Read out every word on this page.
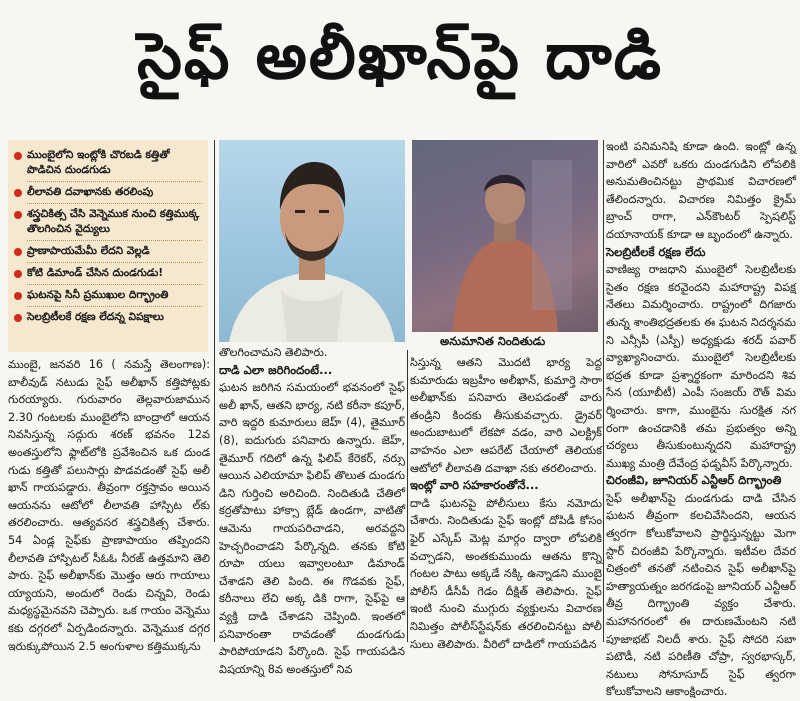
సైఫ్ అలీఖాన్‌పై దాడి
ముంబైలోని ఇంట్లోకి చొరబడి కత్తితో పొడిచిన దుండగుడు
లీలావతి దవాఖానకు తరలింపు
శస్త్రచికిత్స చేసి వెన్నెముక నుంచి కత్తిముక్క తొలగించిన వైద్యులు
ప్రాణాపాయమేమీ లేదని వెల్లడి
కోటి డిమాండ్‌ చేసిన దుండగుడు!
ఘటనపై సినీ ప్రముఖుల దిగ్భ్రాంతి
సెలబ్రిటీలకే రక్షణ లేదన్న విపక్షాలు

ముంబై, జనవరి 16 ( నమస్తే తెలంగాణ): బాలీవుడ్‌ నటుడు సైఫ్‌ అలీఖాన్‌ కత్తిపోట్లకు గురయ్యారు. గురువారం తెల్లవారుజామున 2.30 గంటలకు ముంబైలోని బాంద్రాలో ఆయన నివసిస్తున్న సద్గురు శరణ్‌ భవనం 12వ అంతస్తులోని ఫ్లాట్‌లోకి ప్రవేశించిన ఒక దుండ గుడు కత్తితో పలుసార్లు పొడవడంతో సైఫ్‌ అలీ ఖాన్‌ గాయపడ్డారు. తీవ్రంగా రక్తస్రావం అయిన ఆయనను ఆటోలో లీలావతి హాస్పిట ల్‌కు తరలించారు. ఆత్యవసర శస్త్రచికిత్స చేశారు. 54 ఏండ్ల సైఫ్‌కు ప్రాణాపాయం తప్పిందని లీలావతి హాస్పిటల్‌ సీఓఓ నీరజ్‌ ఉత్తమాని తెలి పారు. సైఫ్‌ అలీఖాన్‌కు మొత్తం ఆరు గాయాలు య్యాయని, అందులో రెండు చిన్నవి, రెండు మధ్యస్థమైనవని చెప్పారు. ఒక గాయం వెన్నెము కకు దగ్గరలో ఏర్పడిందన్నారు. వెన్నెముక దగ్గర ఇరుక్కుపోయిన 2.5 అంగుళాల కత్తిముక్కను

తొలగించామని తెలిపారు.

దాడి ఎలా జరిగిందంటే...

ఘటన జరిగిన సమయంలో భవనంలో సైఫ్‌ అలీ ఖాన్‌, ఆతని భార్య, నటి కరీనా కపూర్‌, వారి ఇద్దరి కుమారులు జెహ్‌ (4), తైమూర్‌ (8), ఐదుగురు పనివారు ఉన్నారు. జెహ్‌, తైమూర్‌ గదిలో ఉన్న ఫిలిప్‌ కేరెకర్‌, నర్సు ఆయిన ఎలియామా ఫిలిప్‌ తొలుత దుండగు డిని గుర్తించి అరిచింది. నిందితుడి చేతిలో కర్రతోపాటు హాక్సా బ్లేడ్‌ ఉండగా, వాటితో ఆమెను గాయపరిచాడని, అరవద్దని హెచ్చరించాడని పేర్కొన్నది. తనకు కోటి రూపా యలు ఇవ్వాలంటూ డిమాండ్‌ చేశాడని తెలి పింది. ఈ గొడవకు సైఫ్‌, కరీనాలు లేచి అక్క డికి రాగా, సైఫ్‌పై ఆ వ్యక్తి దాడి చేశాడని చెప్పింది. ఇంతలో పనివారంతా రావడంతో దుండగుడు పారిపోయాడని పేర్కొంది. సైఫ్‌ గాయపడిన విషయాన్ని 8వ అంతస్తులో నివ

అనుమానిత నిందితుడు

సిస్తున్న ఆతని మొదటి భార్య పెద్ద కుమారుడు ఇబ్రహీం అలీఖాన్‌, కుమార్తె సారా అలీఖాన్‌కు పనివారు తెలపడంతో వారు తండ్రిని కిందకు తీసుకువచ్చారు. డ్రైవర్‌ అందుబాటులో లేకపో వడం, వారి ఎలక్ట్రిక్‌ వాహనం ఎలా ఆపరేట్‌ చేయాలో తెలియక ఆటోలో లీలావతి దవాఖా నకు తరలించారు.

ఇంట్లో వారి సహకారంతోనే...

దాడి ఘటనపై పోలీసులు కేసు నమోదు చేశారు. నిందితుడు సైఫ్‌ ఇంట్లో దోపిడీ కోసం ఫైర్‌ ఎస్కేప్‌ మెట్ల మార్గం ద్వారా లోపలికి వచ్చాడని, అంతకుముందు ఆతను కొన్ని గంటల పాటు అక్కడే నక్కి ఉన్నాడని ముంబై పోలీస్‌ డీసీపీ గెడం దీక్షిత్‌ తెలిపారు. సైఫ్‌ ఇంటి నుంచి ముగ్గురు వ్యక్తులను విచారణ నిమిత్తం పోలీస్‌స్టేషన్‌కు తరలించినట్టు పోలీ సులు తెలిపారు. వీరిలో దాడిలో గాయపడిన

ఇంటి పనిమనిషి కూడా ఉంది. ఇంట్లో ఉన్న వారిలో ఎవరో ఒకరు దుండగుడిని లోపలికి అనుమతించినట్టు ప్రాథమిక విచారణలో తేలిందన్నారు. విచారణ నిమిత్తం క్రైమ్‌ బ్రాంచ్‌ రాగా, ఎన్‌కౌంటర్‌ స్పెషలిస్ట్‌ దయానాయక్‌ కూడా ఆ బృందంలో ఉన్నారు.

సెలబ్రిటీలకే రక్షణ లేదు

వాణిజ్య రాజధాని ముంబైలో సెలబ్రిటీలకు సైతం రక్షణ కరవైందని మహారాష్ట్ర విపక్ష నేతలు విమర్శించారు. రాష్ట్రంలో దిగజారు తున్న శాంతిభద్రతలకు ఈ ఘటన నిదర్శనమ ని ఎన్సీపీ (ఎస్పీ) అధ్యక్షుడు శరద్‌ పవార్‌ వ్యాఖ్యానించారు. ముంబైలో సెలబ్రిటీలకు భద్రత కూడా ప్రశ్నార్థకంగా మారిందని శివ సేన (యూబీటీ) ఎంపీ సంజయ్‌ రౌత్‌ విమ ర్శించారు. కాగా, ముంబైను సురక్షిత నగ రంగా ఉంచడానికి తమ ప్రభుత్వం అన్ని చర్యలు తీసుకుంటున్నదని మహారాష్ట్ర ముఖ్య మంత్రి దేవేంద్ర ఫడ్నవీస్‌ పేర్కొన్నారు.

చిరంజీవి, జూనియర్‌ ఎన్టీఆర్‌ దిగ్భ్రాంతి

సైఫ్‌ అలీఖాన్‌పై దుండగుడు దాడి చేసిన ఘటన తీవ్రంగా కలచివేసిందని, ఆయన త్వరగా కోలుకోవాలని ప్రార్థిస్తున్నట్టు మెగా స్టార్‌ చిరంజీవి పేర్కొన్నారు. ఇటీవల దేవర చిత్రంలో తనతో నటించిన సైఫ్‌ అలీఖాన్‌పై హత్యాయత్నం జరగడంపై జూనియర్‌ ఎన్టీఆర్‌ తీవ్ర దిగ్భ్రాంతి వ్యక్తం చేశారు. మహానగరంలో ఈ దారుణమేంటని నటి పూజాభట్‌ నిలదీ శారు. సైఫ్‌ సోదరి సబా పటౌడీ, నటి పరిణీతి చోప్రా, స్వరభాస్కర్‌, నటులు సోనూసూద్‌ సైఫ్‌ త్వరగా కోలుకోవాలని ఆకాంక్షించారు.
